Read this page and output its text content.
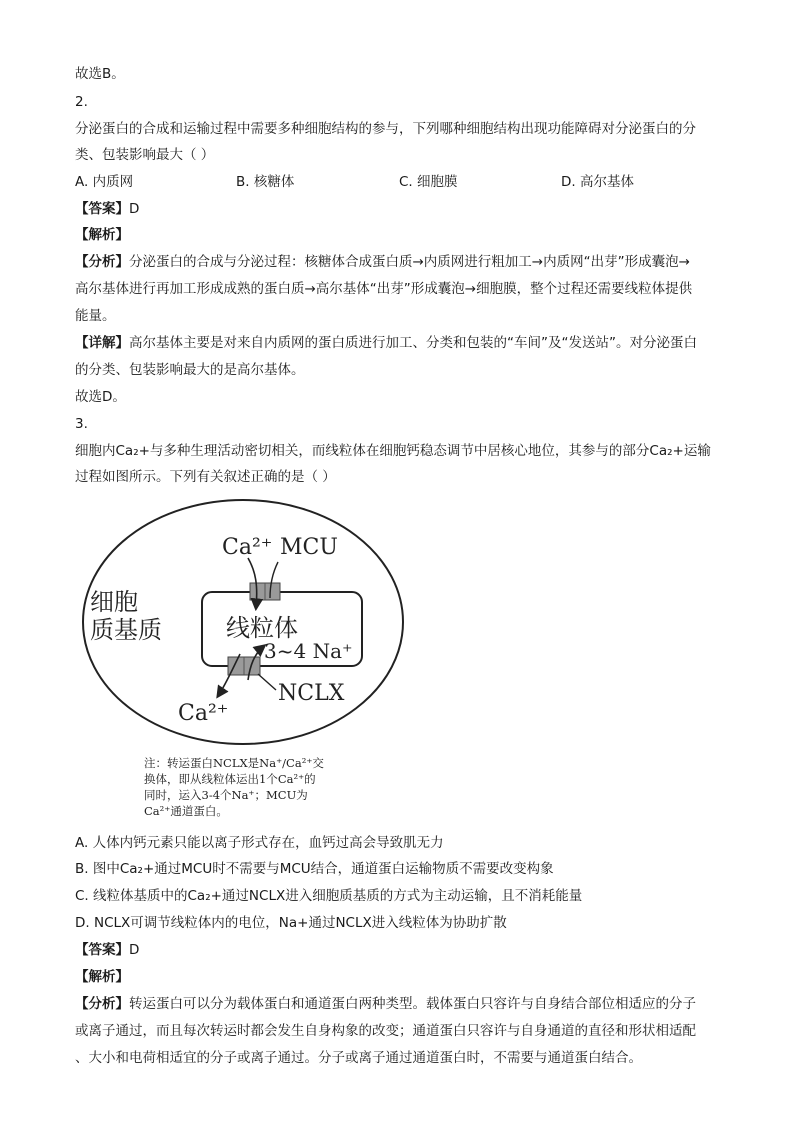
故选B。
2.
分泌蛋白的合成和运输过程中需要多种细胞结构的参与，下列哪种细胞结构出现功能障碍对分泌蛋白的分
类、包装影响最大（ ）
A. 内质网	B. 核糖体	C. 细胞膜	D. 高尔基体
【答案】D
【解析】
【分析】分泌蛋白的合成与分泌过程：核糖体合成蛋白质→内质网进行粗加工→内质网“出芽”形成囊泡→
高尔基体进行再加工形成成熟的蛋白质→高尔基体“出芽”形成囊泡→细胞膜，整个过程还需要线粒体提供
能量。
【详解】高尔基体主要是对来自内质网的蛋白质进行加工、分类和包装的“车间”及“发送站”。对分泌蛋白
的分类、包装影响最大的是高尔基体。
故选D。
3.
细胞内Ca₂+与多种生理活动密切相关，而线粒体在细胞钙稳态调节中居核心地位，其参与的部分Ca₂+运输
过程如图所示。下列有关叙述正确的是（ ）
细胞
质基质	线粒体
Ca²⁺ MCU
3~4 Na⁺
NCLX
Ca²⁺
注：转运蛋白NCLX是Na⁺/Ca²⁺交
换体，即从线粒体运出1个Ca²⁺的
同时，运入3-4个Na⁺；MCU为
Ca²⁺通道蛋白。
A. 人体内钙元素只能以离子形式存在，血钙过高会导致肌无力
B. 图中Ca₂+通过MCU时不需要与MCU结合，通道蛋白运输物质不需要改变构象
C. 线粒体基质中的Ca₂+通过NCLX进入细胞质基质的方式为主动运输，且不消耗能量
D. NCLX可调节线粒体内的电位，Na+通过NCLX进入线粒体为协助扩散
【答案】D
【解析】
【分析】转运蛋白可以分为载体蛋白和通道蛋白两种类型。载体蛋白只容许与自身结合部位相适应的分子
或离子通过，而且每次转运时都会发生自身构象的改变；通道蛋白只容许与自身通道的直径和形状相适配
、大小和电荷相适宜的分子或离子通过。分子或离子通过通道蛋白时，不需要与通道蛋白结合。
